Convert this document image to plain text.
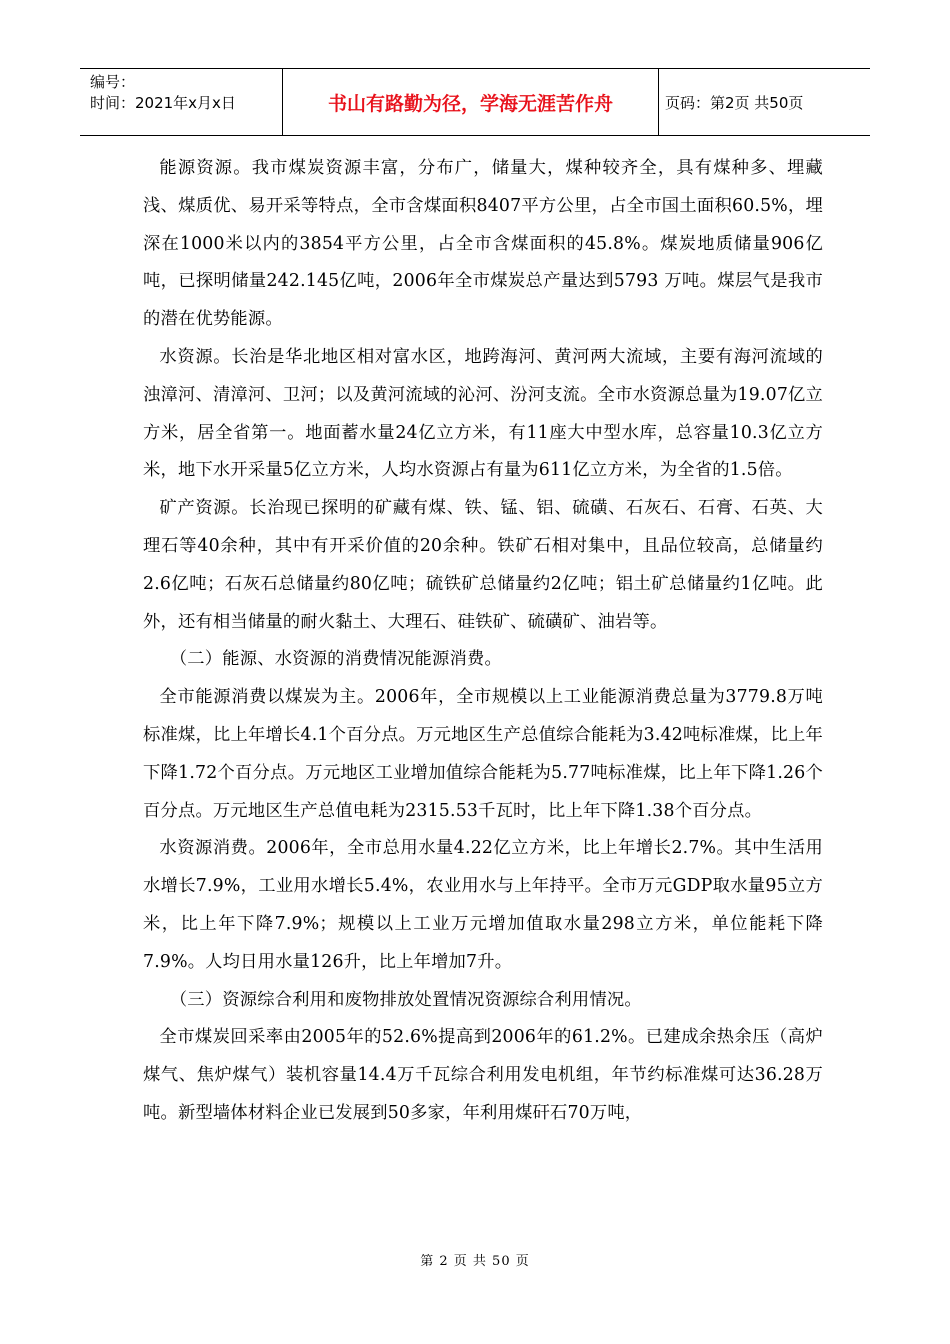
编号：
时间：2021年x月x日	书山有路勤为径，学海无涯苦作舟	页码：第2页 共50页

能源资源。我市煤炭资源丰富，分布广，储量大，煤种较齐全，具有煤种多、埋藏浅、煤质优、易开采等特点，全市含煤面积8407平方公里，占全市国土面积60.5%，埋深在1000米以内的3854平方公里，占全市含煤面积的45.8%。煤炭地质储量906亿吨，已探明储量242.145亿吨，2006年全市煤炭总产量达到5793 万吨。煤层气是我市的潜在优势能源。

水资源。长治是华北地区相对富水区，地跨海河、黄河两大流域，主要有海河流域的浊漳河、清漳河、卫河；以及黄河流域的沁河、汾河支流。全市水资源总量为19.07亿立方米，居全省第一。地面蓄水量24亿立方米，有11座大中型水库，总容量10.3亿立方米，地下水开采量5亿立方米，人均水资源占有量为611亿立方米，为全省的1.5倍。

矿产资源。长治现已探明的矿藏有煤、铁、锰、铝、硫磺、石灰石、石膏、石英、大理石等40余种，其中有开采价值的20余种。铁矿石相对集中，且品位较高，总储量约2.6亿吨；石灰石总储量约80亿吨；硫铁矿总储量约2亿吨；铝土矿总储量约1亿吨。此外，还有相当储量的耐火黏土、大理石、硅铁矿、硫磺矿、油岩等。

（二）能源、水资源的消费情况能源消费。

全市能源消费以煤炭为主。2006年，全市规模以上工业能源消费总量为3779.8万吨标准煤，比上年增长4.1个百分点。万元地区生产总值综合能耗为3.42吨标准煤，比上年下降1.72个百分点。万元地区工业增加值综合能耗为5.77吨标准煤，比上年下降1.26个百分点。万元地区生产总值电耗为2315.53千瓦时，比上年下降1.38个百分点。

水资源消费。2006年，全市总用水量4.22亿立方米，比上年增长2.7%。其中生活用水增长7.9%，工业用水增长5.4%，农业用水与上年持平。全市万元GDP取水量95立方米，比上年下降7.9%；规模以上工业万元增加值取水量298立方米，单位能耗下降7.9%。人均日用水量126升，比上年增加7升。

（三）资源综合利用和废物排放处置情况资源综合利用情况。

全市煤炭回采率由2005年的52.6%提高到2006年的61.2%。已建成余热余压（高炉煤气、焦炉煤气）装机容量14.4万千瓦综合利用发电机组，年节约标准煤可达36.28万吨。新型墙体材料企业已发展到50多家，年利用煤矸石70万吨，

第 2 页 共 50 页
